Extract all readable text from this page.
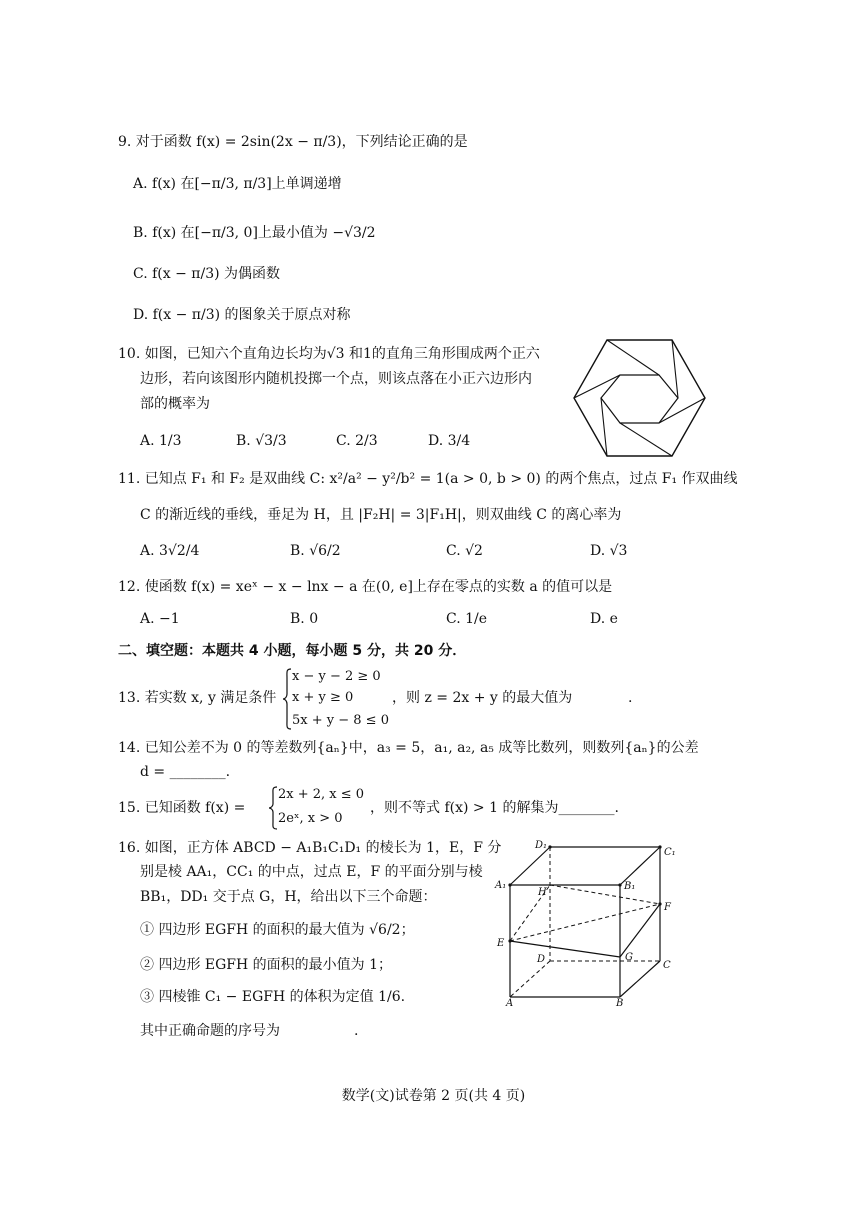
9. 对于函数 f(x) = 2sin(2x − π/3)，下列结论正确的是
A. f(x) 在[−π/3, π/3]上单调递增
B. f(x) 在[−π/3, 0]上最小值为 −√3/2
C. f(x − π/3) 为偶函数
D. f(x − π/3) 的图象关于原点对称
10. 如图，已知六个直角边长均为√3 和1的直角三角形围成两个正六
边形，若向该图形内随机投掷一个点，则该点落在小正六边形内
部的概率为
A. 1/3	B. √3/3	C. 2/3	D. 3/4
11. 已知点 F₁ 和 F₂ 是双曲线 C: x²/a² − y²/b² = 1(a > 0, b > 0) 的两个焦点，过点 F₁ 作双曲线
C 的渐近线的垂线，垂足为 H，且 |F₂H| = 3|F₁H|，则双曲线 C 的离心率为
A. 3√2/4	B. √6/2	C. √2	D. √3
12. 使函数 f(x) = xeˣ − x − lnx − a 在(0, e]上存在零点的实数 a 的值可以是
A. −1	B. 0	C. 1/e	D. e
二、填空题：本题共 4 小题，每小题 5 分，共 20 分．
13. 若实数 x, y 满足条件
x − y − 2 ≥ 0
x + y ≥ 0
5x + y − 8 ≤ 0
，则 z = 2x + y 的最大值为	.
14. 已知公差不为 0 的等差数列{aₙ}中，a₃ = 5，a₁, a₂, a₅ 成等比数列，则数列{aₙ}的公差
d = ________.
15. 已知函数 f(x) =
2x + 2, x ≤ 0
2eˣ, x > 0
，则不等式 f(x) > 1 的解集为________.
16. 如图，正方体 ABCD − A₁B₁C₁D₁ 的棱长为 1，E，F 分
别是棱 AA₁，CC₁ 的中点，过点 E，F 的平面分别与棱
BB₁，DD₁ 交于点 G，H，给出以下三个命题：
① 四边形 EGFH 的面积的最大值为 √6/2；
② 四边形 EGFH 的面积的最小值为 1；
③ 四棱锥 C₁ − EGFH 的体积为定值 1/6.
其中正确命题的序号为	.
D₁
C₁
A₁
H
B₁
F
E
D	G
C
A	B
数学(文)试卷第 2 页(共 4 页)
